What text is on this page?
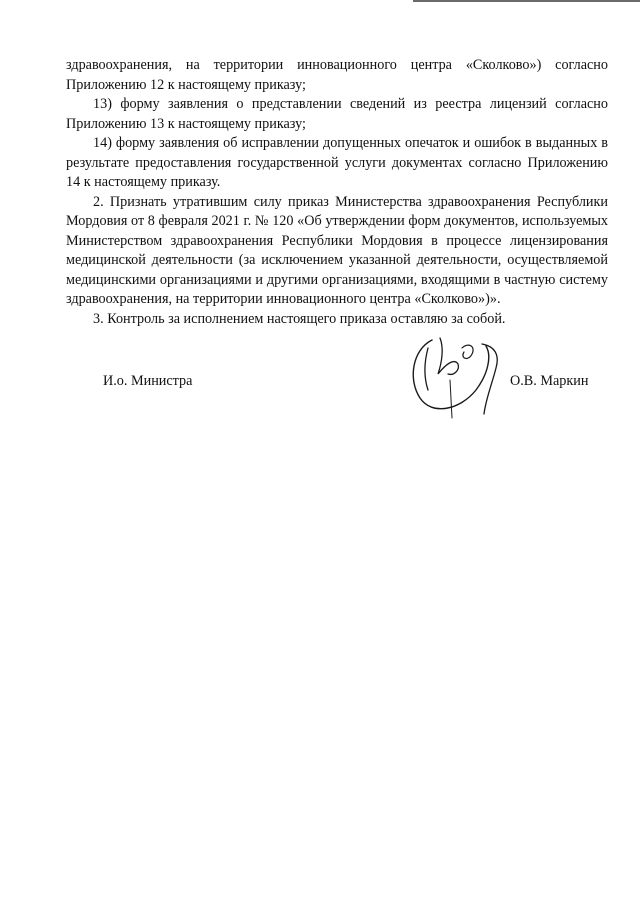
здравоохранения, на территории инновационного центра «Сколково») согласно Приложению 12 к настоящему приказу;

13) форму заявления о представлении сведений из реестра лицензий согласно Приложению 13 к настоящему приказу;

14) форму заявления об исправлении допущенных опечаток и ошибок в выданных в результате предоставления государственной услуги документах согласно Приложению 14 к настоящему приказу.

2. Признать утратившим силу приказ Министерства здравоохранения Республики Мордовия от 8 февраля 2021 г. № 120 «Об утверждении форм документов, используемых Министерством здравоохранения Республики Мордовия в процессе лицензирования медицинской деятельности (за исключением указанной деятельности, осуществляемой медицинскими организациями и другими организациями, входящими в частную систему здравоохранения, на территории инновационного центра «Сколково»)».

3. Контроль за исполнением настоящего приказа оставляю за собой.

И.о. Министра	О.В. Маркин
